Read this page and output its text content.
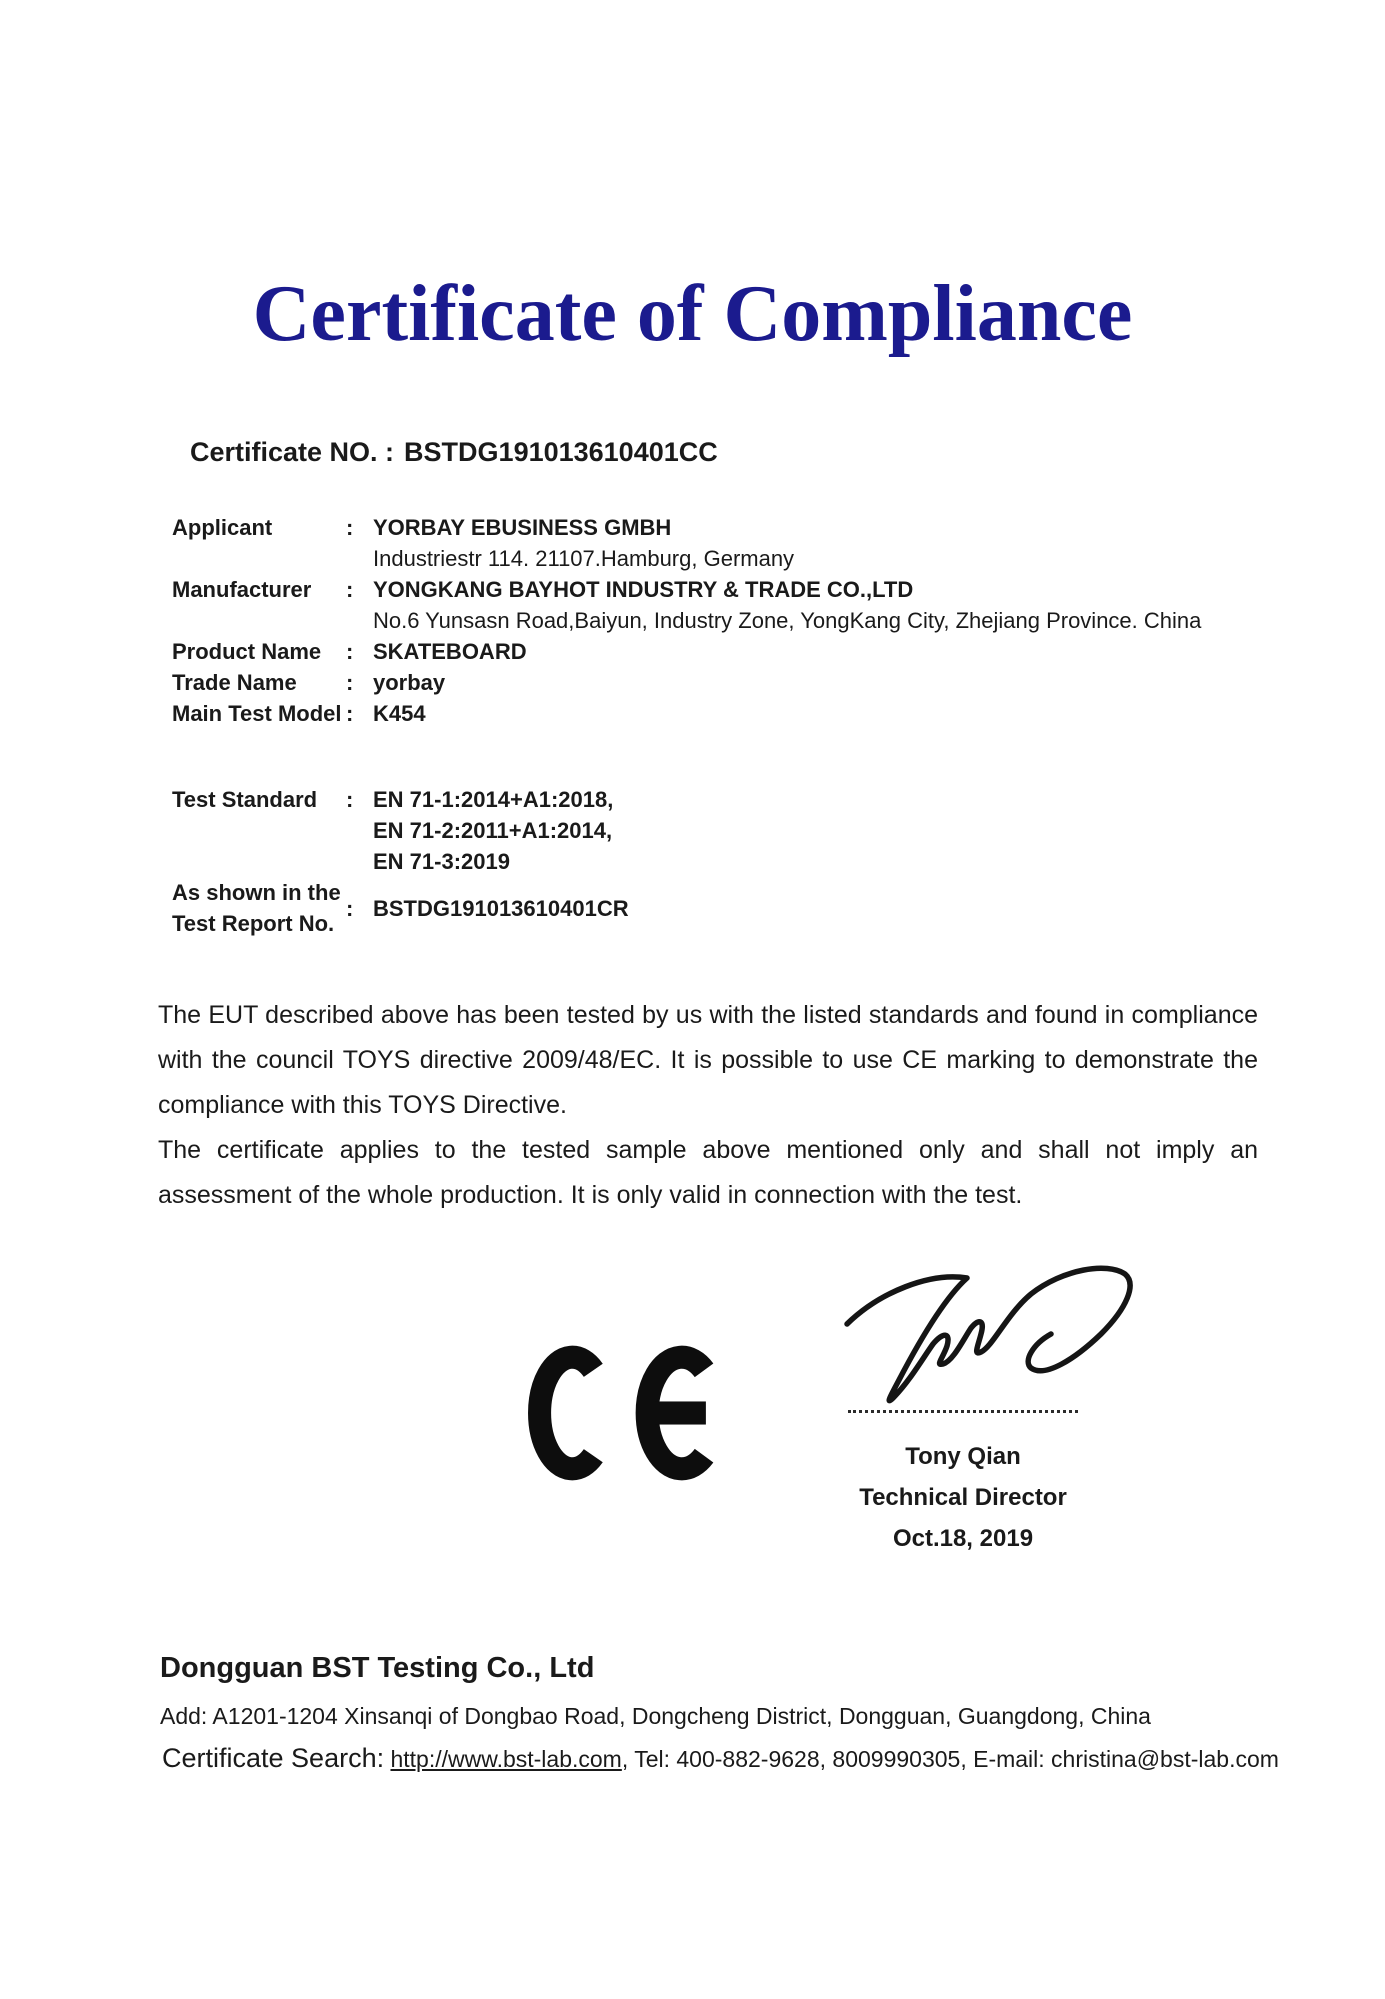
Certificate of Compliance
Certificate NO. : BSTDG191013610401CC
Applicant	: YORBAY EBUSINESS GMBH
Industriestr 114. 21107.Hamburg, Germany
Manufacturer	: YONGKANG BAYHOT INDUSTRY & TRADE CO.,LTD
No.6 Yunsasn Road,Baiyun, Industry Zone, YongKang City, Zhejiang Province. China
Product Name	: SKATEBOARD
Trade Name	: yorbay
Main Test Model : K454
Test Standard	: EN 71-1:2014+A1:2018,
EN 71-2:2011+A1:2014,
EN 71-3:2019
As shown in the
Test Report No.
: BSTDG191013610401CR

The EUT described above has been tested by us with the listed standards and found in compliance with the council TOYS directive 2009/48/EC. It is possible to use CE marking to demonstrate the compliance with this TOYS Directive.

The certificate applies to the tested sample above mentioned only and shall not imply an assessment of the whole production. It is only valid in connection with the test.

Tony Qian
Technical Director
Oct.18, 2019
Dongguan BST Testing Co., Ltd
Add: A1201-1204 Xinsanqi of Dongbao Road, Dongcheng District, Dongguan, Guangdong, China
Certificate Search: http://www.bst-lab.com, Tel: 400-882-9628, 8009990305, E-mail: christina@bst-lab.com
